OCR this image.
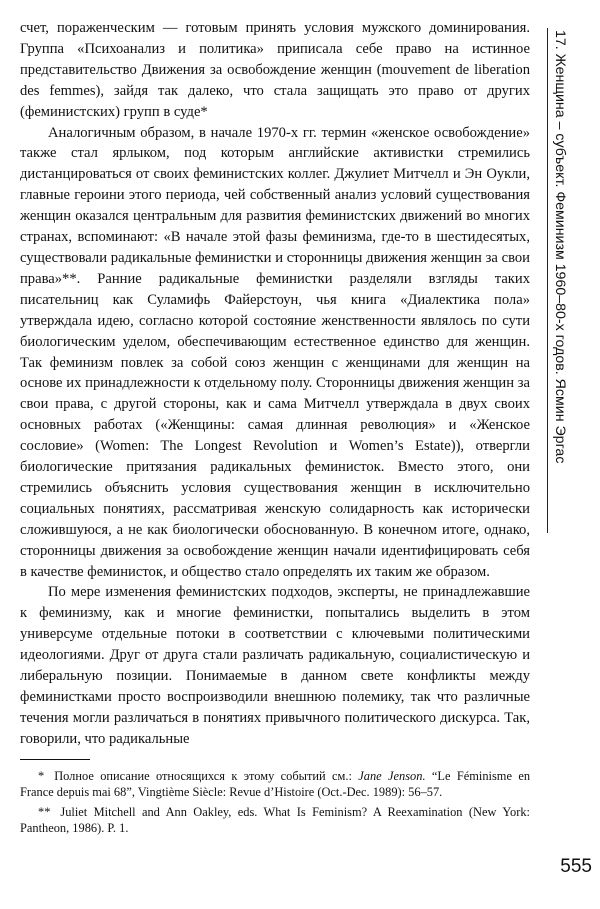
счет, пораженческим — готовым принять условия мужского доминирования. Группа «Психоанализ и политика» приписала себе право на истинное представительство Движения за освобождение женщин (mouvement de liberation des femmes), зайдя так далеко, что стала защищать это право от других (феминистских) групп в суде*

Аналогичным образом, в начале 1970-х гг. термин «женское освобождение» также стал ярлыком, под которым английские активистки стремились дистанцироваться от своих феминистских коллег. Джулиет Митчелл и Эн Оукли, главные героини этого периода, чей собственный анализ условий существования женщин оказался центральным для развития феминистских движений во многих странах, вспоминают: «В начале этой фазы феминизма, где-то в шестидесятых, существовали радикальные феминистки и сторонницы движения женщин за свои права»**. Ранние радикальные феминистки разделяли взгляды таких писательниц как Суламифь Файерстоун, чья книга «Диалектика пола» утверждала идею, согласно которой состояние женственности являлось по сути биологическим уделом, обеспечивающим естественное единство для женщин. Так феминизм повлек за собой союз женщин с женщинами для женщин на основе их принадлежности к отдельному полу. Сторонницы движения женщин за свои права, с другой стороны, как и сама Митчелл утверждала в двух своих основных работах («Женщины: самая длинная революция» и «Женское сословие» (Women: The Longest Revolution и Women’s Estate)), отвергли биологические притязания радикальных феминисток. Вместо этого, они стремились объяснить условия существования женщин в исключительно социальных понятиях, рассматривая женскую солидарность как исторически сложившуюся, а не как биологически обоснованную. В конечном итоге, однако, сторонницы движения за освобождение женщин начали идентифицировать себя в качестве феминисток, и общество стало определять их таким же образом.

По мере изменения феминистских подходов, эксперты, не принадлежавшие к феминизму, как и многие феминистки, попытались выделить в этом универсуме отдельные потоки в соответствии с ключевыми политическими идеологиями. Друг от друга стали различать радикальную, социалистическую и либеральную позиции. Понимаемые в данном свете конфликты между феминистками просто воспроизводили внешнюю полемику, так что различные течения могли различаться в понятиях привычного политического дискурса. Так, говорили, что радикальные

* Полное описание относящихся к этому событий см.: Jane Jenson. “Le Féminisme en France depuis mai 68”, Vingtième Siècle: Revue d’Histoire (Oct.-Dec. 1989): 56–57.

** Juliet Mitchell and Ann Oakley, eds. What Is Feminism? A Reexamination (New York: Pantheon, 1986). P. 1.

17. Женщина – субъект. Феминизм 1960–80-х годов. Ясмин Эргас
555
